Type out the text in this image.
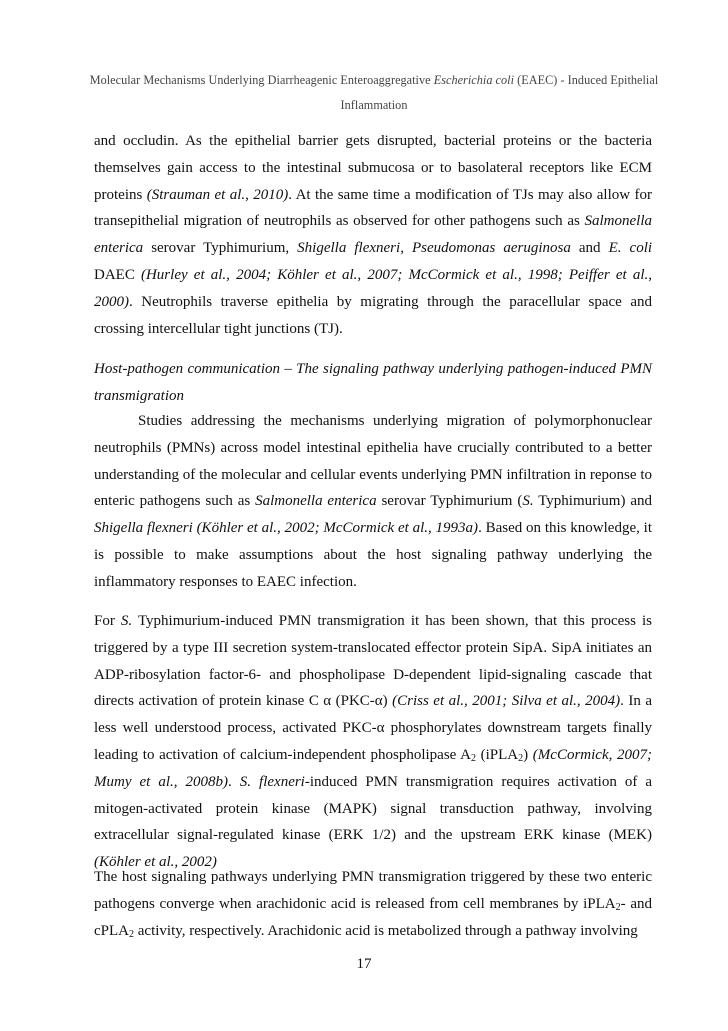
Molecular Mechanisms Underlying Diarrheagenic Enteroaggregative Escherichia coli (EAEC) - Induced Epithelial
Inflammation

and occludin. As the epithelial barrier gets disrupted, bacterial proteins or the bacteria themselves gain access to the intestinal submucosa or to basolateral receptors like ECM proteins (Strauman et al., 2010). At the same time a modification of TJs may also allow for transepithelial migration of neutrophils as observed for other pathogens such as Salmonella enterica serovar Typhimurium, Shigella flexneri, Pseudomonas aeruginosa and E. coli DAEC (Hurley et al., 2004; Köhler et al., 2007; McCormick et al., 1998; Peiffer et al., 2000). Neutrophils traverse epithelia by migrating through the paracellular space and crossing intercellular tight junctions (TJ).

Host-pathogen communication – The signaling pathway underlying pathogen-induced PMN transmigration

Studies addressing the mechanisms underlying migration of polymorphonuclear neutrophils (PMNs) across model intestinal epithelia have crucially contributed to a better understanding of the molecular and cellular events underlying PMN infiltration in reponse to enteric pathogens such as Salmonella enterica serovar Typhimurium (S. Typhimurium) and Shigella flexneri (Köhler et al., 2002; McCormick et al., 1993a). Based on this knowledge, it is possible to make assumptions about the host signaling pathway underlying the inflammatory responses to EAEC infection.

For S. Typhimurium-induced PMN transmigration it has been shown, that this process is triggered by a type III secretion system-translocated effector protein SipA. SipA initiates an ADP-ribosylation factor-6- and phospholipase D-dependent lipid-signaling cascade that directs activation of protein kinase C α (PKC-α) (Criss et al., 2001; Silva et al., 2004). In a less well understood process, activated PKC-α phosphorylates downstream targets finally leading to activation of calcium-independent phospholipase $A_2$ (iPLA$_2$) (McCormick, 2007; Mumy et al., 2008b). S. flexneri-induced PMN transmigration requires activation of a mitogen-activated protein kinase (MAPK) signal transduction pathway, involving extracellular signal-regulated kinase (ERK 1/2) and the upstream ERK kinase (MEK) (Köhler et al., 2002)

The host signaling pathways underlying PMN transmigration triggered by these two enteric pathogens converge when arachidonic acid is released from cell membranes by iPLA$_2$- and cPLA$_2$ activity, respectively. Arachidonic acid is metabolized through a pathway involving

17
